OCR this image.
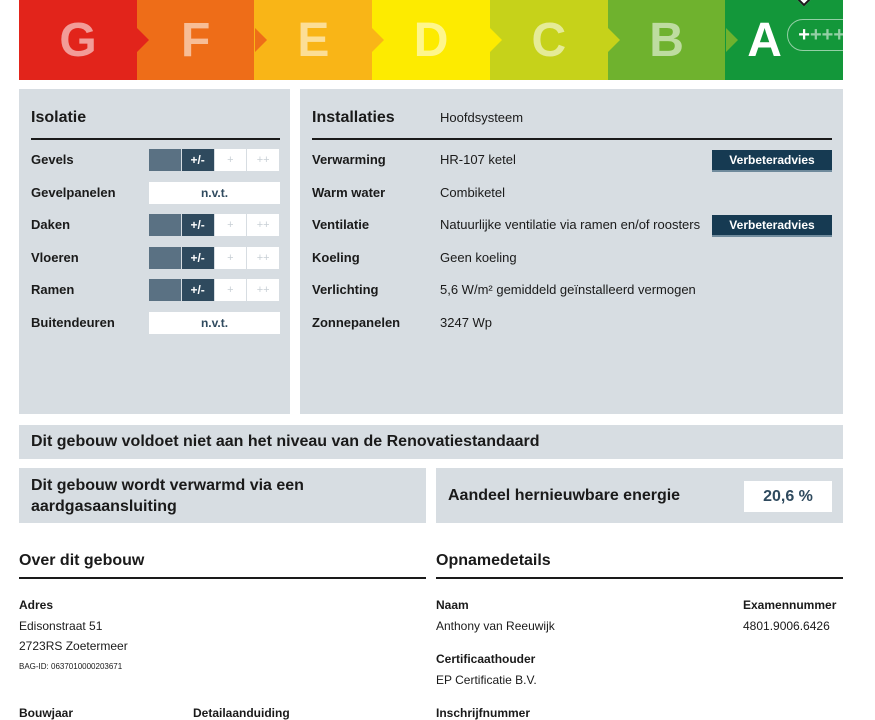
G F E D C B A + ++++
Isolatie
Gevels	+/-	+	++
Gevelpanelen	n.v.t.
Daken	+/-	+	++
Vloeren	+/-	+	++
Ramen	+/-	+	++
Buitendeuren	n.v.t.
Installaties	Hoofdsysteem
Verwarming	HR-107 ketel	Verbeteradvies
Warm water	Combiketel
Ventilatie	Natuurlijke ventilatie via ramen en/of roosters	Verbeteradvies
Koeling	Geen koeling
Verlichting	5,6 W/m² gemiddeld geïnstalleerd vermogen
Zonnepanelen	3247 Wp
Dit gebouw voldoet niet aan het niveau van de Renovatiestandaard
Dit gebouw wordt verwarmd via een
aardgasaansluiting
Aandeel hernieuwbare energie	20,6 %
Over dit gebouw
Adres
Edisonstraat 51
2723RS Zoetermeer
BAG-ID: 0637010000203671
Bouwjaar	Detailaanduiding
Opnamedetails
Naam
Anthony van Reeuwijk
Examennummer
4801.9006.6426
Certificaathouder
EP Certificatie B.V.
Inschrijfnummer
